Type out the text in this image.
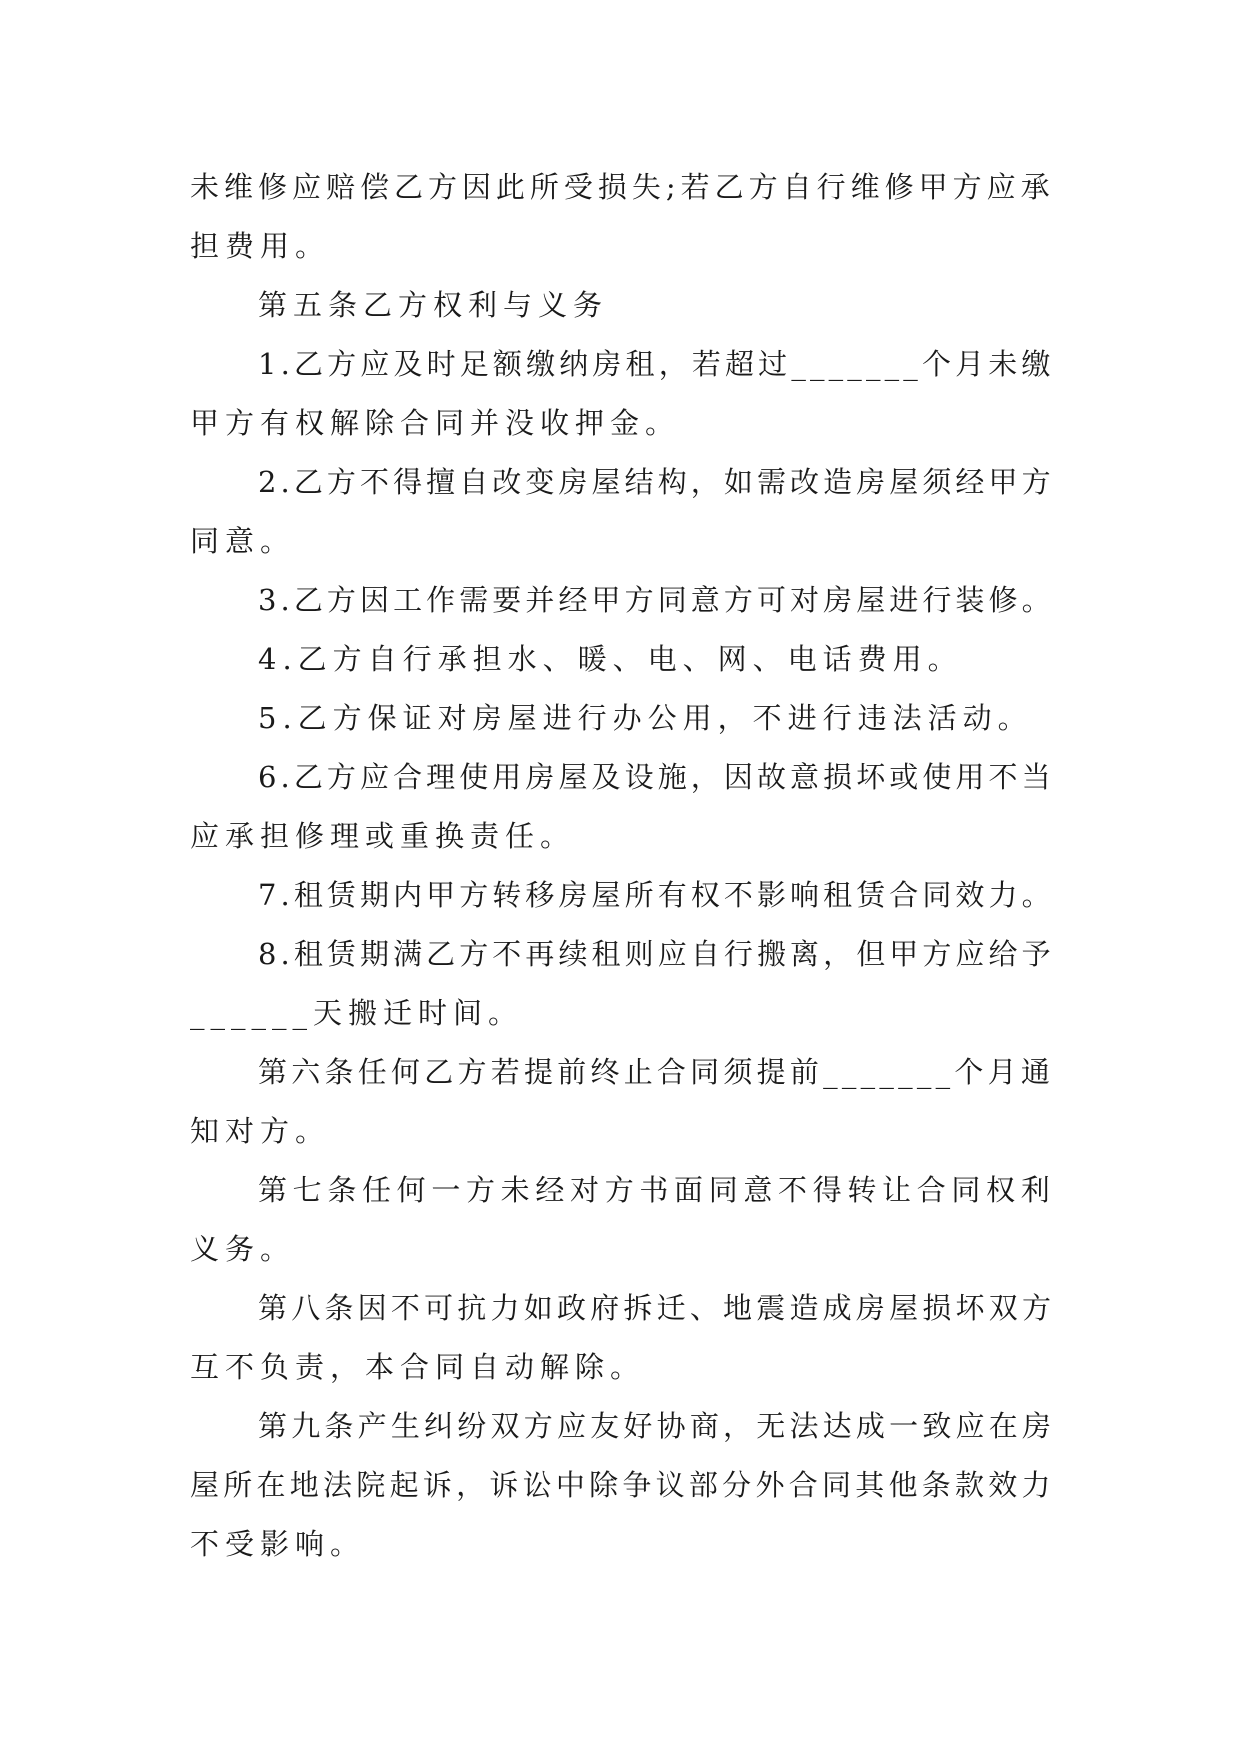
未维修应赔偿乙方因此所受损失;若乙方自行维修甲方应承
担费用。
第五条乙方权利与义务
1.乙方应及时足额缴纳房租，若超过_______个月未缴
甲方有权解除合同并没收押金。
2.乙方不得擅自改变房屋结构，如需改造房屋须经甲方
同意。
3.乙方因工作需要并经甲方同意方可对房屋进行装修。
4.乙方自行承担水、暖、电、网、电话费用。
5.乙方保证对房屋进行办公用，不进行违法活动。
6.乙方应合理使用房屋及设施，因故意损坏或使用不当
应承担修理或重换责任。
7.租赁期内甲方转移房屋所有权不影响租赁合同效力。
8.租赁期满乙方不再续租则应自行搬离，但甲方应给予
______天搬迁时间。
第六条任何乙方若提前终止合同须提前_______个月通
知对方。
第七条任何一方未经对方书面同意不得转让合同权利
义务。
第八条因不可抗力如政府拆迁、地震造成房屋损坏双方
互不负责，本合同自动解除。
第九条产生纠纷双方应友好协商，无法达成一致应在房
屋所在地法院起诉，诉讼中除争议部分外合同其他条款效力
不受影响。
